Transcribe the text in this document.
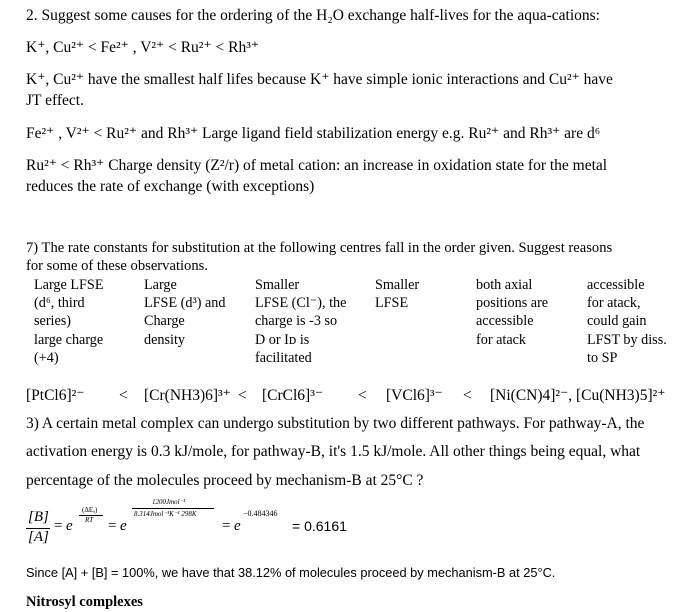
2. Suggest some causes for the ordering of the H₂O exchange half-lives for the aqua-cations:
K⁺, Cu²⁺ < Fe²⁺ , V²⁺ < Ru²⁺ < Rh³⁺
K⁺, Cu²⁺ have the smallest half lifes because K⁺ have simple ionic interactions and Cu²⁺ have
JT effect.
Fe²⁺ , V²⁺ < Ru²⁺ and Rh³⁺ Large ligand field stabilization energy e.g. Ru²⁺ and Rh³⁺ are d⁶
Ru²⁺ < Rh³⁺ Charge density (Z²/r) of metal cation: an increase in oxidation state for the metal
reduces the rate of exchange (with exceptions)
7) The rate constants for substitution at the following centres fall in the order given. Suggest reasons
for some of these observations.
Large LFSE
(d⁶, third
series)
large charge
(+4)
Large
LFSE (d³) and
Charge
density
Smaller
LFSE (Cl⁻), the
charge is -3 so
D or Iᴅ is
facilitated
Smaller
LFSE
both axial
positions are
accessible
for atack
accessible
for atack,
could gain
LFST by diss.
to SP
[PtCl6]²⁻ < [Cr(NH3)6]³⁺ < [CrCl6]³⁻ < [VCl6]³⁻ < [Ni(CN)4]²⁻, [Cu(NH3)5]²⁺
3) A certain metal complex can undergo substitution by two different pathways. For pathway-A, the
activation energy is 0.3 kJ/mole, for pathway-B, it's 1.5 kJ/mole. All other things being equal, what
percentage of the molecules proceed by mechanism-B at 25°C ?
[B]
[A]
= e
(ΔEₐ)
RT = e
1200Jmol⁻¹
8.314Jmol⁻¹K⁻¹ 298K
= e
−0.484346
= 0.6161
Since [A] + [B] = 100%, we have that 38.12% of molecules proceed by mechanism-B at 25°C.
Nitrosyl complexes
